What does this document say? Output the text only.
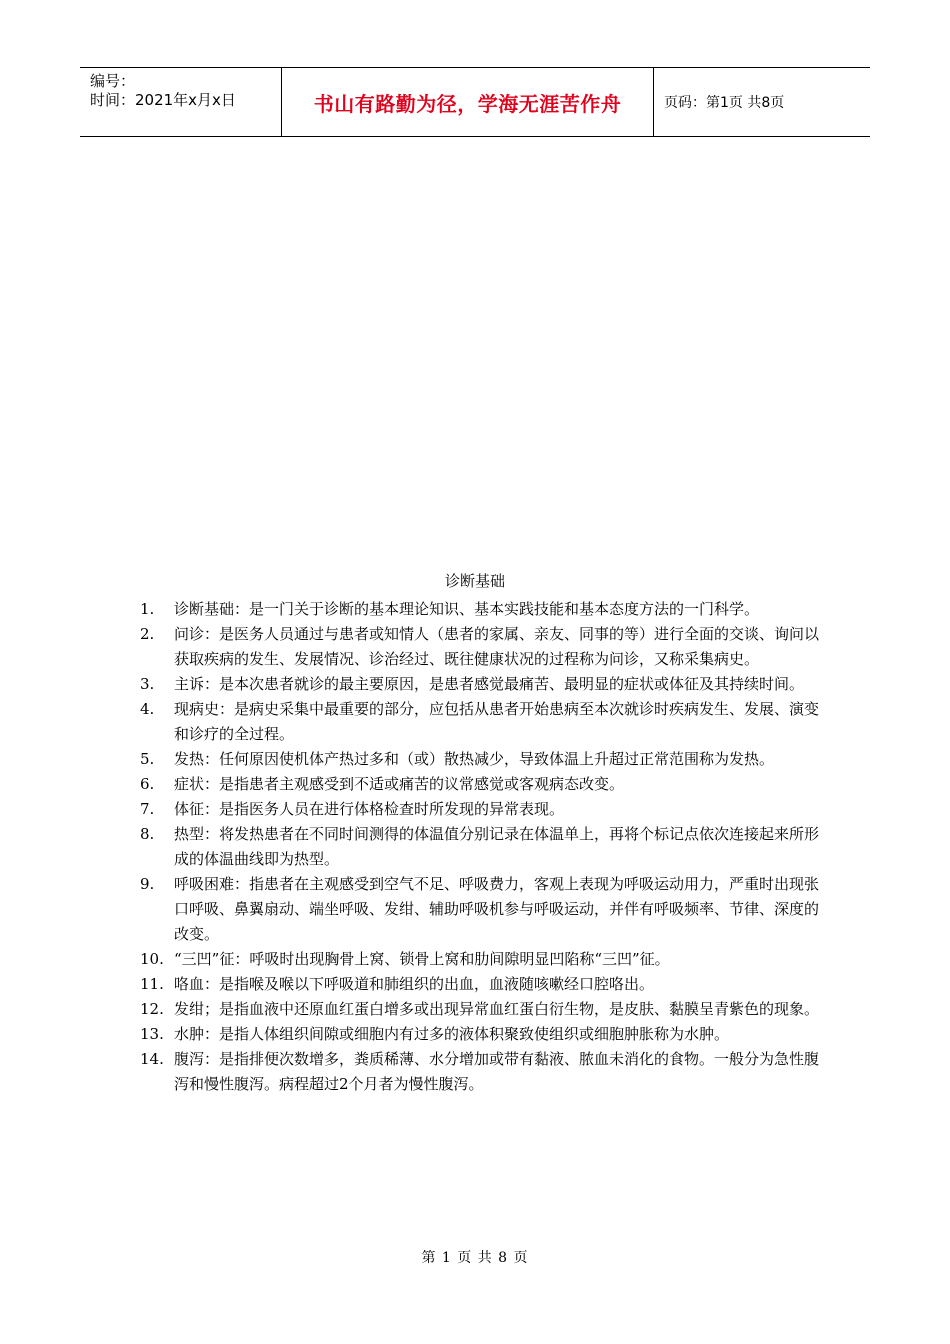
编号：
时间：2021年x月x日	书山有路勤为径，学海无涯苦作舟	页码：第1页 共8页
诊断基础
1. 诊断基础：是一门关于诊断的基本理论知识、基本实践技能和基本态度方法的一门科学。
2. 问诊：是医务人员通过与患者或知情人（患者的家属、亲友、同事的等）进行全面的交谈、询问以获取疾病的发生、发展情况、诊治经过、既往健康状况的过程称为问诊，又称采集病史。
3. 主诉：是本次患者就诊的最主要原因，是患者感觉最痛苦、最明显的症状或体征及其持续时间。
4. 现病史：是病史采集中最重要的部分，应包括从患者开始患病至本次就诊时疾病发生、发展、演变和诊疗的全过程。
5. 发热：任何原因使机体产热过多和（或）散热减少，导致体温上升超过正常范围称为发热。
6. 症状：是指患者主观感受到不适或痛苦的议常感觉或客观病态改变。
7. 体征：是指医务人员在进行体格检查时所发现的异常表现。
8. 热型：将发热患者在不同时间测得的体温值分别记录在体温单上，再将个标记点依次连接起来所形成的体温曲线即为热型。
9. 呼吸困难：指患者在主观感受到空气不足、呼吸费力，客观上表现为呼吸运动用力，严重时出现张口呼吸、鼻翼扇动、端坐呼吸、发绀、辅助呼吸机参与呼吸运动，并伴有呼吸频率、节律、深度的改变。
10. “三凹”征：呼吸时出现胸骨上窝、锁骨上窝和肋间隙明显凹陷称“三凹”征。
11. 咯血：是指喉及喉以下呼吸道和肺组织的出血，血液随咳嗽经口腔咯出。
12. 发绀；是指血液中还原血红蛋白增多或出现异常血红蛋白衍生物，是皮肤、黏膜呈青紫色的现象。
13. 水肿：是指人体组织间隙或细胞内有过多的液体积聚致使组织或细胞肿胀称为水肿。
14. 腹泻：是指排便次数增多，粪质稀薄、水分增加或带有黏液、脓血未消化的食物。一般分为急性腹泻和慢性腹泻。病程超过2个月者为慢性腹泻。
第 1 页 共 8 页
